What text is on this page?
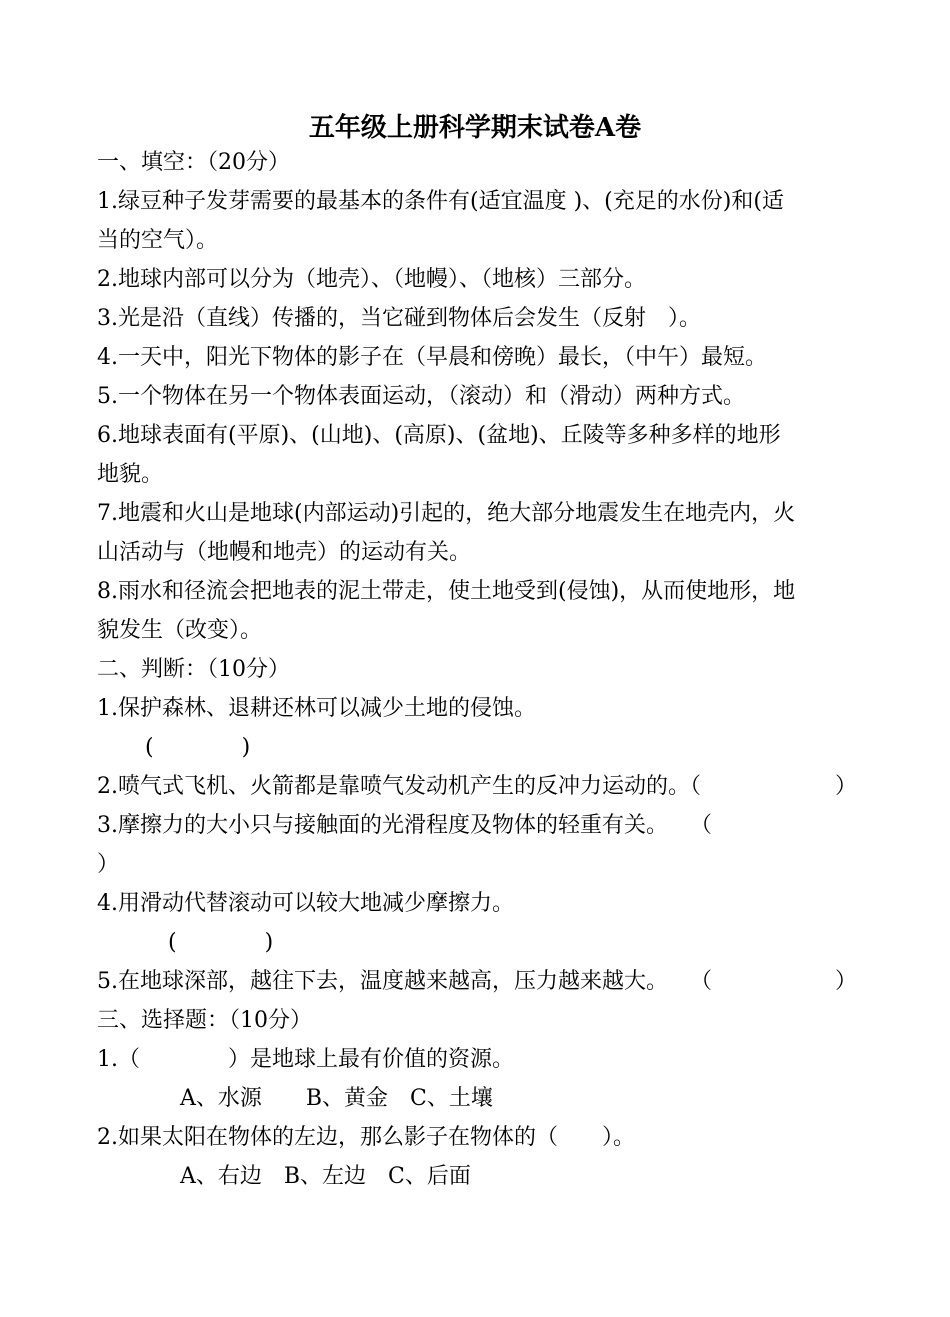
五年级上册科学期末试卷A卷
一、填空：（20分）
1.绿豆种子发芽需要的最基本的条件有(适宜温度 )、(充足的水份)和(适
当的空气）。
2.地球内部可以分为（地壳）、（地幔）、（地核）三部分。
3.光是沿（直线）传播的，当它碰到物体后会发生（反射　）。
4.一天中，阳光下物体的影子在（早晨和傍晚）最长，（中午）最短。
5.一个物体在另一个物体表面运动，（滚动）和（滑动）两种方式。
6.地球表面有(平原)、(山地)、(高原)、(盆地)、丘陵等多种多样的地形
地貌。
7.地震和火山是地球(内部运动)引起的，绝大部分地震发生在地壳内，火
山活动与（地幔和地壳）的运动有关。
8.雨水和径流会把地表的泥土带走，使土地受到(侵蚀)，从而使地形，地
貌发生（改变）。
二、判断：（10分）
1.保护森林、退耕还林可以减少土地的侵蚀。
(　　　　)
2.喷气式飞机、火箭都是靠喷气发动机产生的反冲力运动的。（	）
3.摩擦力的大小只与接触面的光滑程度及物体的轻重有关。　　（
）
4.用滑动代替滚动可以较大地减少摩擦力。
(　　　　)
5.在地球深部，越往下去，温度越来越高，压力越来越大。　　（	）
三、选择题：（10分）
1.（　　　　）是地球上最有价值的资源。
A、水源　　B、黄金　C、土壤
2.如果太阳在物体的左边，那么影子在物体的（　　）。
A、右边　B、左边　C、后面
